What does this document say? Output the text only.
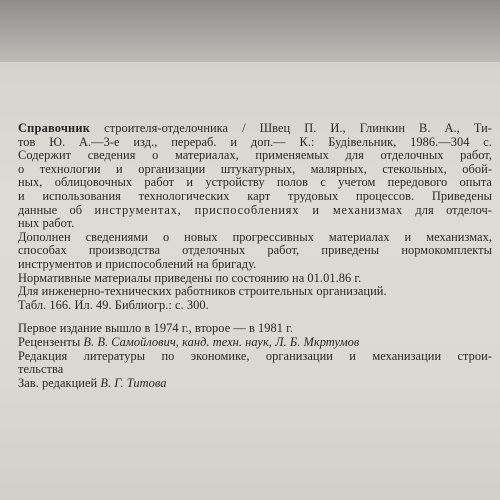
Справочник строителя-отделочника / Швец П. И., Глинкин В. А., Ти-
тов Ю. А.—3-е изд., перераб. и доп.— К.: Будівельник, 1986.—304 с.
Содержит сведения о материалах, применяемых для отделочных работ,
о технологии и организации штукатурных, малярных, стекольных, обой-
ных, облицовочных работ и устройству полов с учетом передового опыта
и использования технологических карт трудовых процессов. Приведены
данные об инструментах, приспособлениях и механизмах для отделоч-
ных работ.
Дополнен сведениями о новых прогрессивных материалах и механизмах,
способах производства отделочных работ, приведены нормокомплекты
инструментов и приспособлений на бригаду.
Нормативные материалы приведены по состоянию на 01.01.86 г.
Для инженерно-технических работников строительных организаций.
Табл. 166. Ил. 49. Библиогр.: с. 300.
Первое издание вышло в 1974 г., второе — в 1981 г.
Рецензенты В. В. Самойлович, канд. техн. наук, Л. Б. Мкртумов
Редакция литературы по экономике, организации и механизации строи-
тельства
Зав. редакцией В. Г. Титова
